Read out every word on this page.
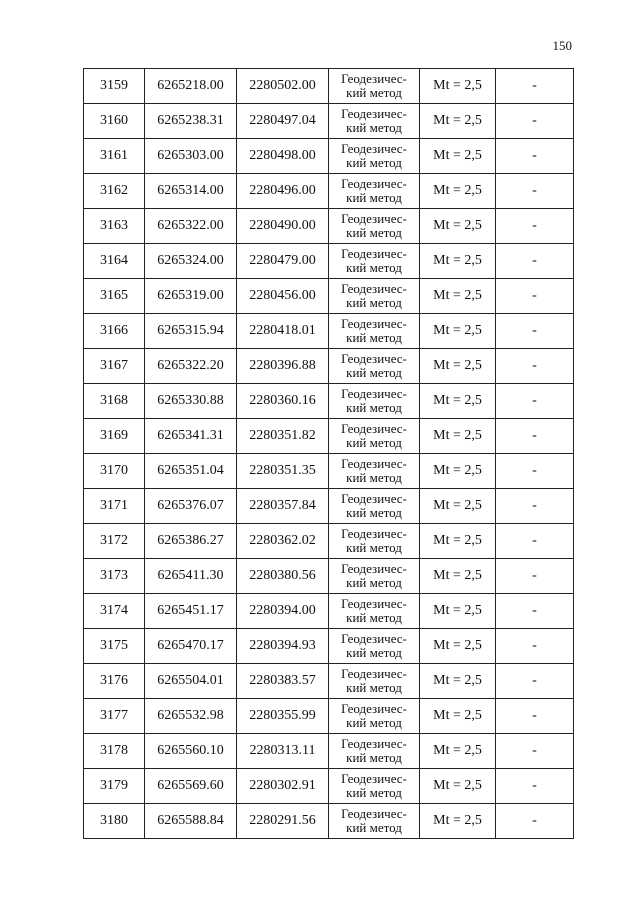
150
3159	6265218.00	2280502.00	Геодезичес-
кий метод	Mt = 2,5	-
3160	6265238.31	2280497.04	Геодезичес-
кий метод	Mt = 2,5	-
3161	6265303.00	2280498.00	Геодезичес-
кий метод	Mt = 2,5	-
3162	6265314.00	2280496.00	Геодезичес-
кий метод	Mt = 2,5	-
3163	6265322.00	2280490.00	Геодезичес-
кий метод	Mt = 2,5	-
3164	6265324.00	2280479.00	Геодезичес-
кий метод	Mt = 2,5	-
3165	6265319.00	2280456.00	Геодезичес-
кий метод	Mt = 2,5	-
3166	6265315.94	2280418.01	Геодезичес-
кий метод	Mt = 2,5	-
3167	6265322.20	2280396.88	Геодезичес-
кий метод	Mt = 2,5	-
3168	6265330.88	2280360.16	Геодезичес-
кий метод	Mt = 2,5	-
3169	6265341.31	2280351.82	Геодезичес-
кий метод	Mt = 2,5	-
3170	6265351.04	2280351.35	Геодезичес-
кий метод	Mt = 2,5	-
3171	6265376.07	2280357.84	Геодезичес-
кий метод	Mt = 2,5	-
3172	6265386.27	2280362.02	Геодезичес-
кий метод	Mt = 2,5	-
3173	6265411.30	2280380.56	Геодезичес-
кий метод	Mt = 2,5	-
3174	6265451.17	2280394.00	Геодезичес-
кий метод	Mt = 2,5	-
3175	6265470.17	2280394.93	Геодезичес-
кий метод	Mt = 2,5	-
3176	6265504.01	2280383.57	Геодезичес-
кий метод	Mt = 2,5	-
3177	6265532.98	2280355.99	Геодезичес-
кий метод	Mt = 2,5	-
3178	6265560.10	2280313.11	Геодезичес-
кий метод	Mt = 2,5	-
3179	6265569.60	2280302.91	Геодезичес-
кий метод	Mt = 2,5	-
3180	6265588.84	2280291.56	Геодезичес-
кий метод	Mt = 2,5	-
